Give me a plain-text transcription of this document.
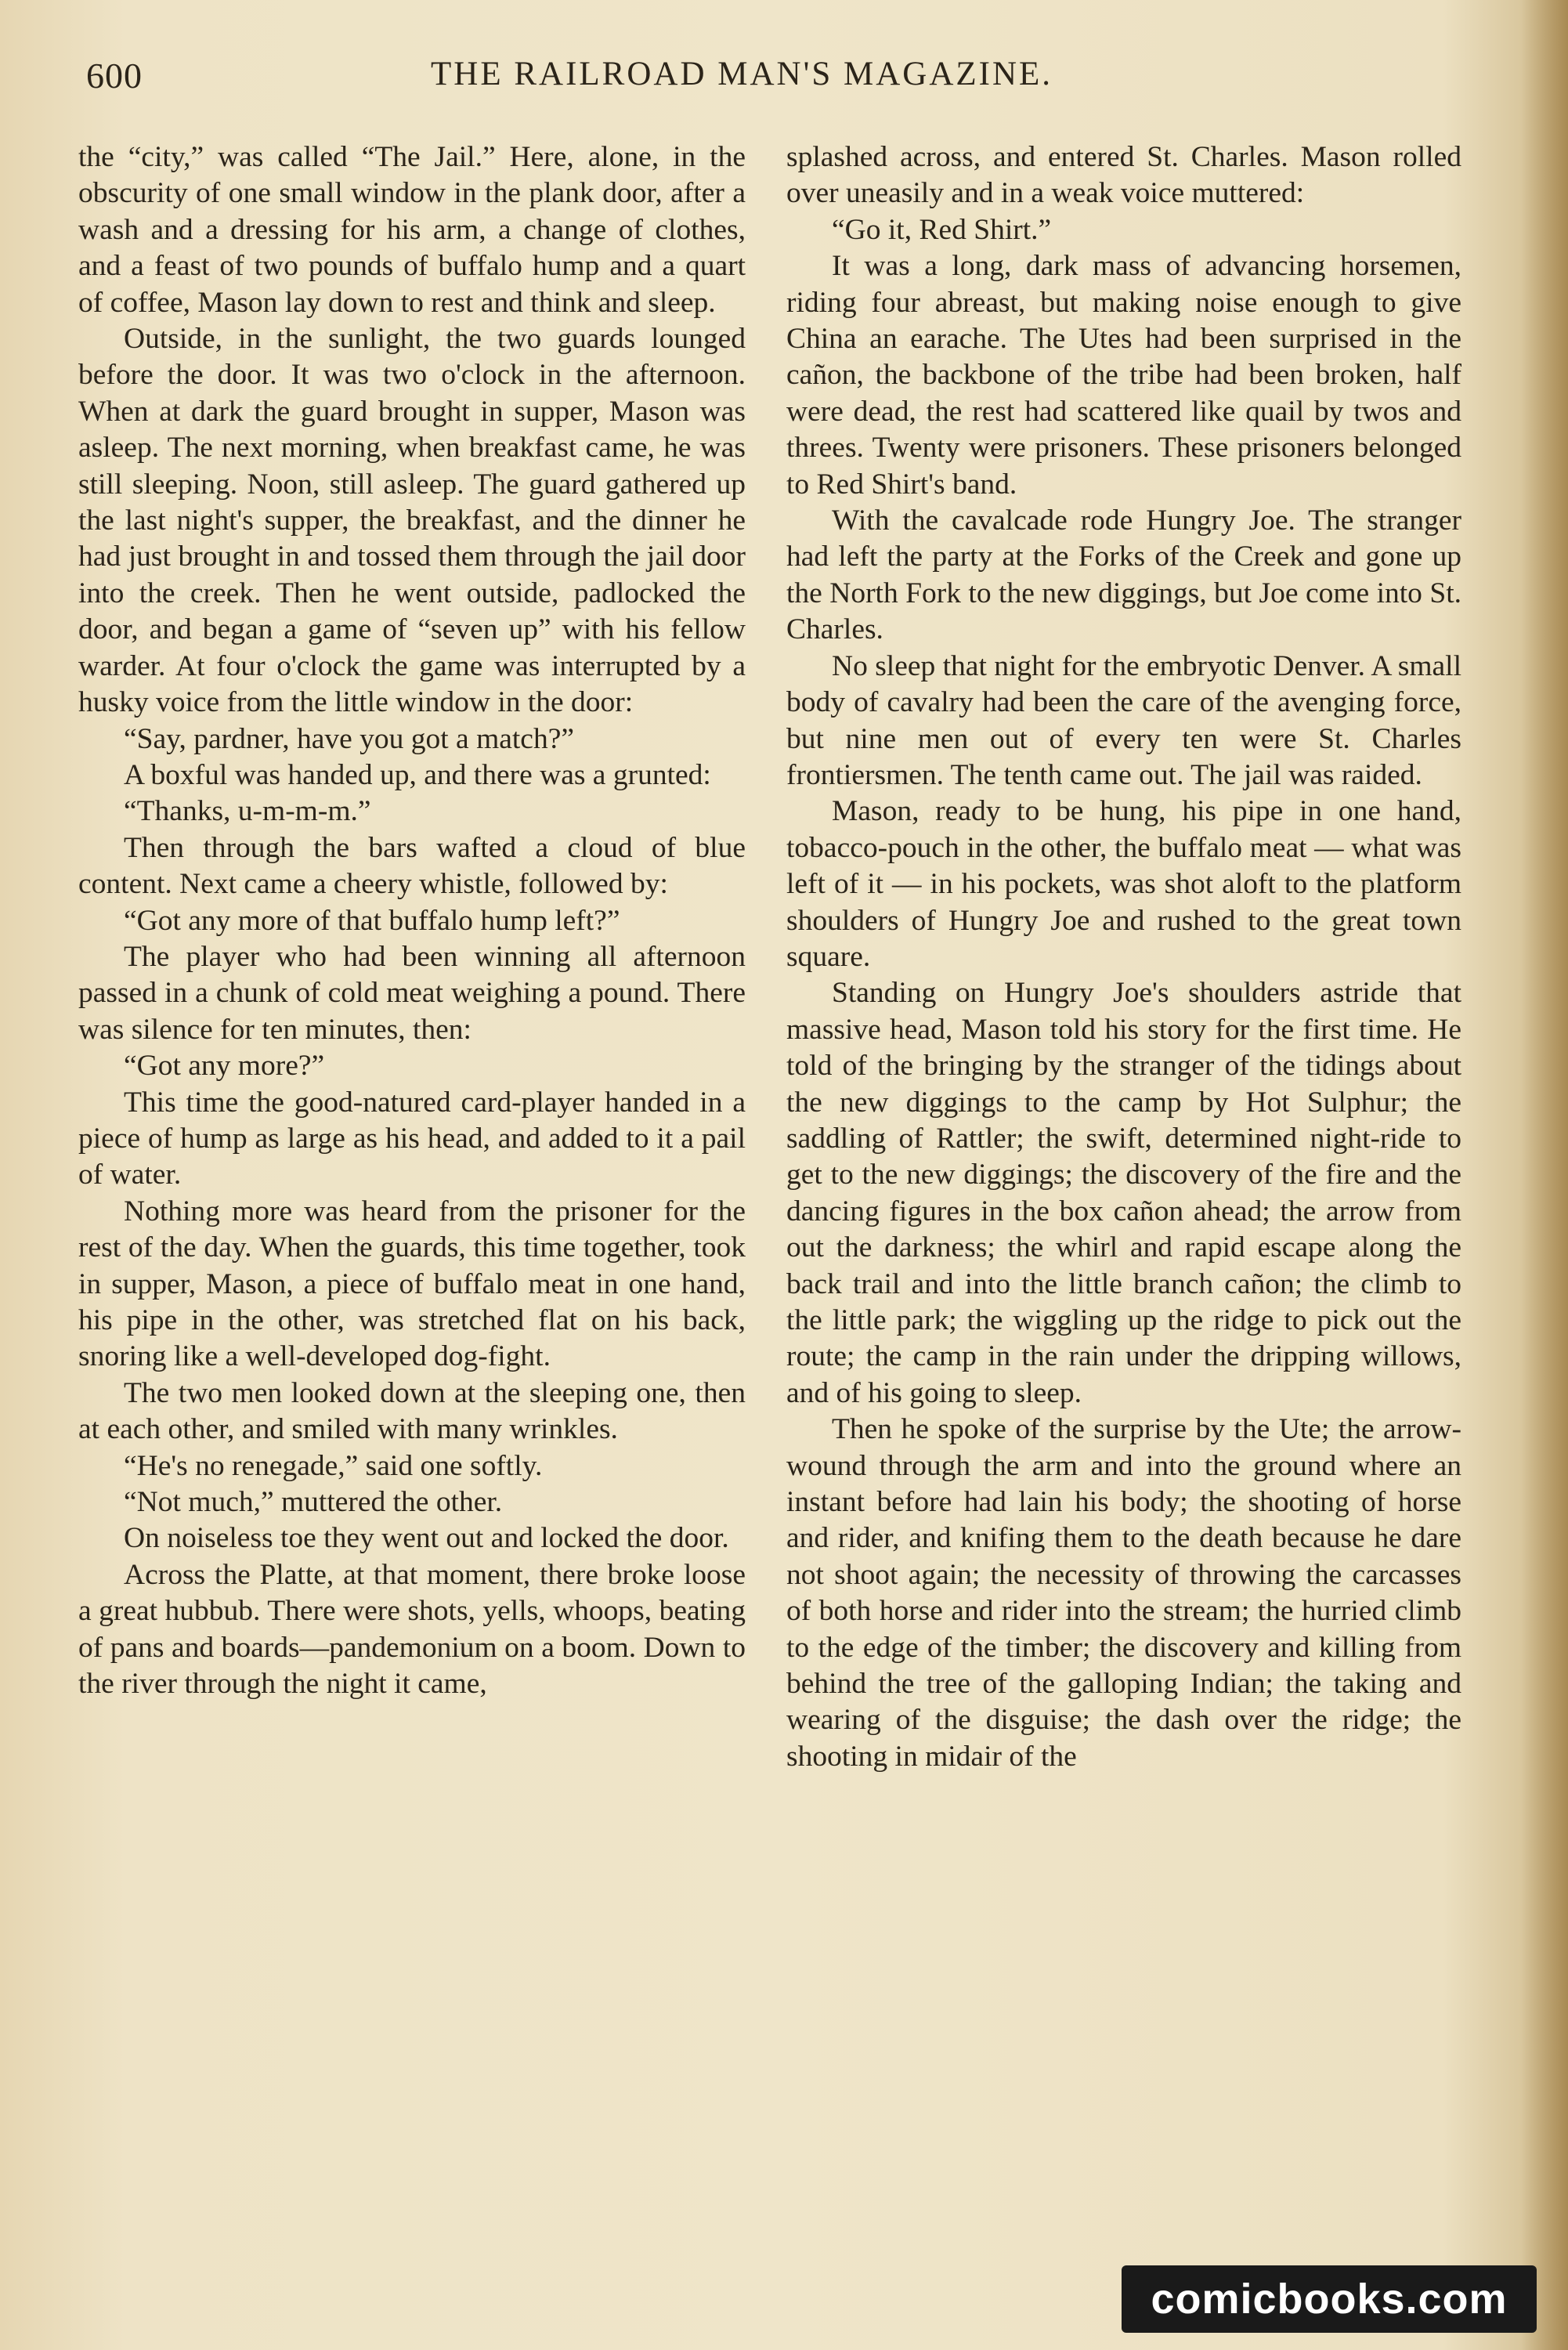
600	THE RAILROAD MAN'S MAGAZINE.

the “city,” was called “The Jail.” Here, alone, in the obscurity of one small window in the plank door, after a wash and a dressing for his arm, a change of clothes, and a feast of two pounds of buffalo hump and a quart of coffee, Mason lay down to rest and think and sleep.

Outside, in the sunlight, the two guards lounged before the door. It was two o'clock in the afternoon. When at dark the guard brought in supper, Mason was asleep. The next morning, when breakfast came, he was still sleeping. Noon, still asleep. The guard gathered up the last night's supper, the breakfast, and the dinner he had just brought in and tossed them through the jail door into the creek. Then he went outside, padlocked the door, and began a game of “seven up” with his fellow warder. At four o'clock the game was interrupted by a husky voice from the little window in the door:

“Say, pardner, have you got a match?”

A boxful was handed up, and there was a grunted:

“Thanks, u-m-m-m.”

Then through the bars wafted a cloud of blue content. Next came a cheery whistle, followed by:

“Got any more of that buffalo hump left?”

The player who had been winning all afternoon passed in a chunk of cold meat weighing a pound. There was silence for ten minutes, then:

“Got any more?”

This time the good-natured card-player handed in a piece of hump as large as his head, and added to it a pail of water.

Nothing more was heard from the prisoner for the rest of the day. When the guards, this time together, took in supper, Mason, a piece of buffalo meat in one hand, his pipe in the other, was stretched flat on his back, snoring like a well-developed dog-fight.

The two men looked down at the sleeping one, then at each other, and smiled with many wrinkles.

“He's no renegade,” said one softly.

“Not much,” muttered the other.

On noiseless toe they went out and locked the door.

Across the Platte, at that moment, there broke loose a great hubbub. There were shots, yells, whoops, beating of pans and boards—pandemonium on a boom. Down to the river through the night it came,

splashed across, and entered St. Charles. Mason rolled over uneasily and in a weak voice muttered:

“Go it, Red Shirt.”

It was a long, dark mass of advancing horsemen, riding four abreast, but making noise enough to give China an earache. The Utes had been surprised in the cañon, the backbone of the tribe had been broken, half were dead, the rest had scattered like quail by twos and threes. Twenty were prisoners. These prisoners belonged to Red Shirt's band.

With the cavalcade rode Hungry Joe. The stranger had left the party at the Forks of the Creek and gone up the North Fork to the new diggings, but Joe come into St. Charles.

No sleep that night for the embryotic Denver. A small body of cavalry had been the care of the avenging force, but nine men out of every ten were St. Charles frontiersmen. The tenth came out. The jail was raided.

Mason, ready to be hung, his pipe in one hand, tobacco-pouch in the other, the buffalo meat — what was left of it — in his pockets, was shot aloft to the platform shoulders of Hungry Joe and rushed to the great town square.

Standing on Hungry Joe's shoulders astride that massive head, Mason told his story for the first time. He told of the bringing by the stranger of the tidings about the new diggings to the camp by Hot Sulphur; the saddling of Rattler; the swift, determined night-ride to get to the new diggings; the discovery of the fire and the dancing figures in the box cañon ahead; the arrow from out the darkness; the whirl and rapid escape along the back trail and into the little branch cañon; the climb to the little park; the wiggling up the ridge to pick out the route; the camp in the rain under the dripping willows, and of his going to sleep.

Then he spoke of the surprise by the Ute; the arrow-wound through the arm and into the ground where an instant before had lain his body; the shooting of horse and rider, and knifing them to the death because he dare not shoot again; the necessity of throwing the carcasses of both horse and rider into the stream; the hurried climb to the edge of the timber; the discovery and killing from behind the tree of the galloping Indian; the taking and wearing of the disguise; the dash over the ridge; the shooting in midair of the

comicbooks.com
